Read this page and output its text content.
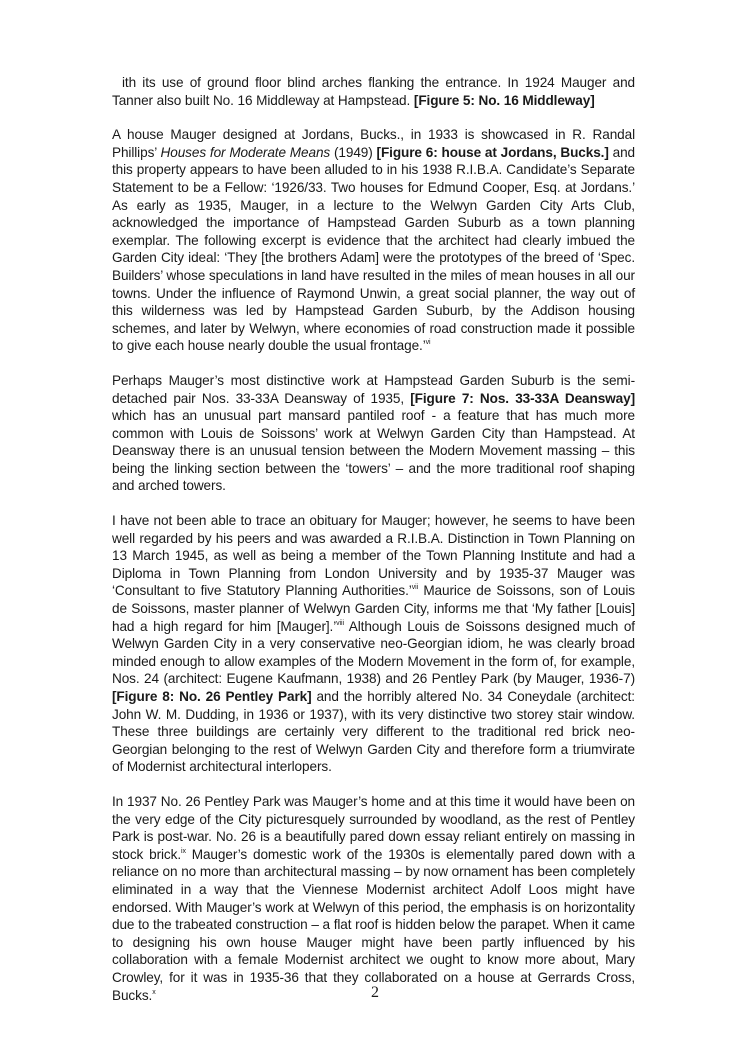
ith its use of ground floor blind arches flanking the entrance. In 1924 Mauger and Tanner also built No. 16 Middleway at Hampstead. [Figure 5: No. 16 Middleway]
A house Mauger designed at Jordans, Bucks., in 1933 is showcased in R. Randal Phillips’ Houses for Moderate Means (1949) [Figure 6: house at Jordans, Bucks.] and this property appears to have been alluded to in his 1938 R.I.B.A. Candidate’s Separate Statement to be a Fellow: ‘1926/33. Two houses for Edmund Cooper, Esq. at Jordans.’ As early as 1935, Mauger, in a lecture to the Welwyn Garden City Arts Club, acknowledged the importance of Hampstead Garden Suburb as a town planning exemplar. The following excerpt is evidence that the architect had clearly imbued the Garden City ideal: ‘They [the brothers Adam] were the prototypes of the breed of ‘Spec. Builders’ whose speculations in land have resulted in the miles of mean houses in all our towns. Under the influence of Raymond Unwin, a great social planner, the way out of this wilderness was led by Hampstead Garden Suburb, by the Addison housing schemes, and later by Welwyn, where economies of road construction made it possible to give each house nearly double the usual frontage.’$^{vi}$
Perhaps Mauger’s most distinctive work at Hampstead Garden Suburb is the semi-detached pair Nos. 33-33A Deansway of 1935, [Figure 7: Nos. 33-33A Deansway] which has an unusual part mansard pantiled roof - a feature that has much more common with Louis de Soissons’ work at Welwyn Garden City than Hampstead. At Deansway there is an unusual tension between the Modern Movement massing – this being the linking section between the ‘towers’ – and the more traditional roof shaping and arched towers.
I have not been able to trace an obituary for Mauger; however, he seems to have been well regarded by his peers and was awarded a R.I.B.A. Distinction in Town Planning on 13 March 1945, as well as being a member of the Town Planning Institute and had a Diploma in Town Planning from London University and by 1935-37 Mauger was ‘Consultant to five Statutory Planning Authorities.’$^{vii}$ Maurice de Soissons, son of Louis de Soissons, master planner of Welwyn Garden City, informs me that ‘My father [Louis] had a high regard for him [Mauger].’$^{viii}$ Although Louis de Soissons designed much of Welwyn Garden City in a very conservative neo-Georgian idiom, he was clearly broad minded enough to allow examples of the Modern Movement in the form of, for example, Nos. 24 (architect: Eugene Kaufmann, 1938) and 26 Pentley Park (by Mauger, 1936-7) [Figure 8: No. 26 Pentley Park] and the horribly altered No. 34 Coneydale (architect: John W. M. Dudding, in 1936 or 1937), with its very distinctive two storey stair window. These three buildings are certainly very different to the traditional red brick neo-Georgian belonging to the rest of Welwyn Garden City and therefore form a triumvirate of Modernist architectural interlopers.
In 1937 No. 26 Pentley Park was Mauger’s home and at this time it would have been on the very edge of the City picturesquely surrounded by woodland, as the rest of Pentley Park is post-war. No. 26 is a beautifully pared down essay reliant entirely on massing in stock brick.$^{ix}$ Mauger’s domestic work of the 1930s is elementally pared down with a reliance on no more than architectural massing – by now ornament has been completely eliminated in a way that the Viennese Modernist architect Adolf Loos might have endorsed. With Mauger’s work at Welwyn of this period, the emphasis is on horizontality due to the trabeated construction – a flat roof is hidden below the parapet. When it came to designing his own house Mauger might have been partly influenced by his collaboration with a female Modernist architect we ought to know more about, Mary Crowley, for it was in 1935-36 that they collaborated on a house at Gerrards Cross, Bucks.$^x$	2
